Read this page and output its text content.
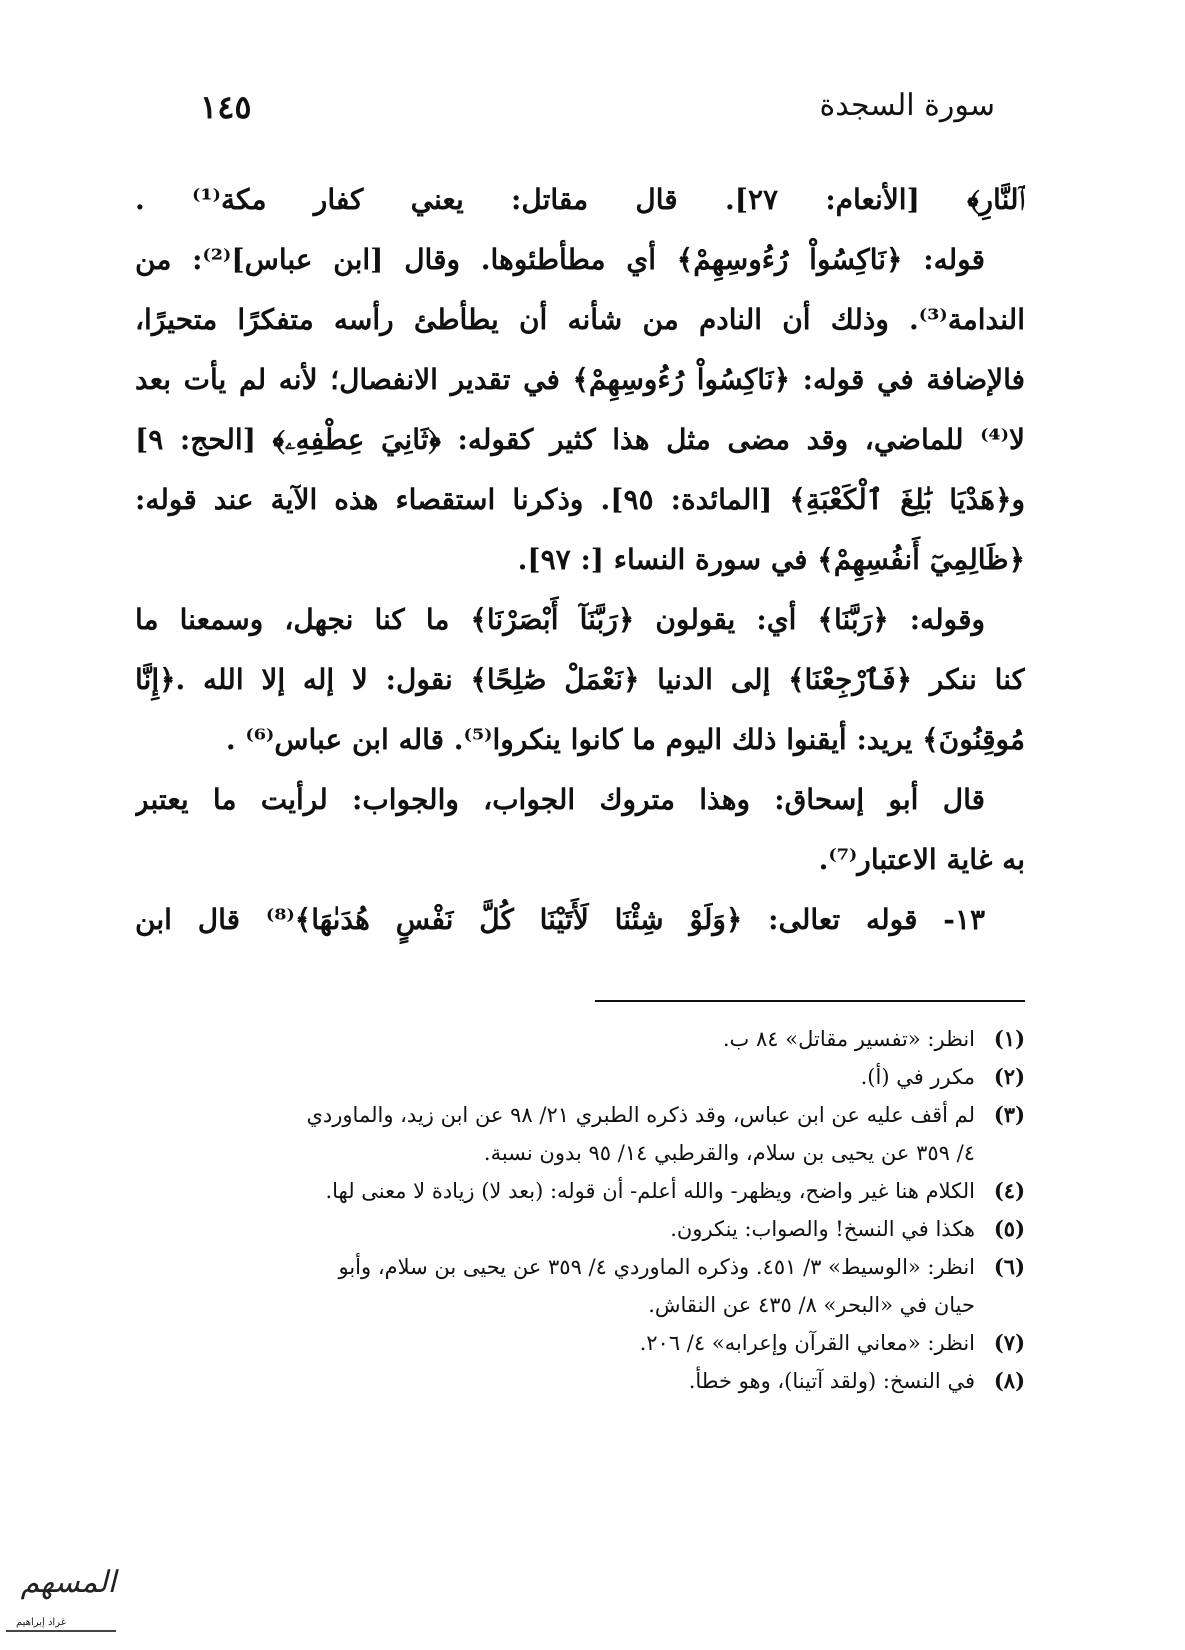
سورة السجدة
١٤٥
ﭐﻟﻨَّﺎﺭِ﴾ [الأنعام: ٢٧]. قال مقاتل: يعني كفار مكة⁽¹⁾ .
قوله: ﴿نَاكِسُواْ رُءُوسِهِمْ﴾ أي مطأطئوها. وقال [ابن عباس]⁽²⁾: من
الندامة⁽³⁾. وذلك أن النادم من شأنه أن يطأطئ رأسه متفكرًا متحيرًا،
فالإضافة في قوله: ﴿نَاكِسُواْ رُءُوسِهِمْ﴾ في تقدير الانفصال؛ لأنه لم يأت بعد
لا⁽⁴⁾ للماضي، وقد مضى مثل هذا كثير كقوله: ﴿ثَانِيَ عِطْفِهِۦ﴾ [الحج: ٩]
و﴿هَدْيَا بَٰلِغَ ٱلْكَعْبَةِ﴾ [المائدة: ٩٥]. وذكرنا استقصاء هذه الآية عند قوله:
﴿ظَالِمِيٓ أَنفُسِهِمْ﴾ في سورة النساء [: ٩٧].
وقوله: ﴿رَبَّنَا﴾ أي: يقولون ﴿رَبَّنَآ أَبْصَرْنَا﴾ ما كنا نجهل، وسمعنا ما
كنا ننكر ﴿فَٱرْجِعْنَا﴾ إلى الدنيا ﴿نَعْمَلْ صَٰلِحًا﴾ نقول: لا إله إلا الله .﴿إِنَّا
مُوقِنُونَ﴾ يريد: أيقنوا ذلك اليوم ما كانوا ينكروا⁽⁵⁾. قاله ابن عباس⁽⁶⁾ .
قال أبو إسحاق: وهذا متروك الجواب، والجواب: لرأيت ما يعتبر
به غاية الاعتبار⁽⁷⁾.
١٣- قوله تعالى: ﴿وَلَوْ شِئْنَا لَأَتَيْنَا كُلَّ نَفْسٍ هُدَىٰهَا﴾⁽⁸⁾ قال ابن
(١)انظر: «تفسير مقاتل» ٨٤ ب.
(٢)مكرر في (أ).
(٣)لم أقف عليه عن ابن عباس، وقد ذكره الطبري ٢١/ ٩٨ عن ابن زيد، والماوردي
٤/ ٣٥٩ عن يحيى بن سلام، والقرطبي ١٤/ ٩٥ بدون نسبة.
(٤)الكلام هنا غير واضح، ويظهر- والله أعلم- أن قوله: (بعد لا) زيادة لا معنى لها.
(٥)هكذا في النسخ! والصواب: ينكرون.
(٦)انظر: «الوسيط» ٣/ ٤٥١. وذكره الماوردي ٤/ ٣٥٩ عن يحيى بن سلام، وأبو
حيان في «البحر» ٨/ ٤٣٥ عن النقاش.
(٧)انظر: «معاني القرآن وإعرابه» ٤/ ٢٠٦.
(٨)في النسخ: (ولقد آتينا)، وهو خطأ.
المسهم
غراد إبراهيم
